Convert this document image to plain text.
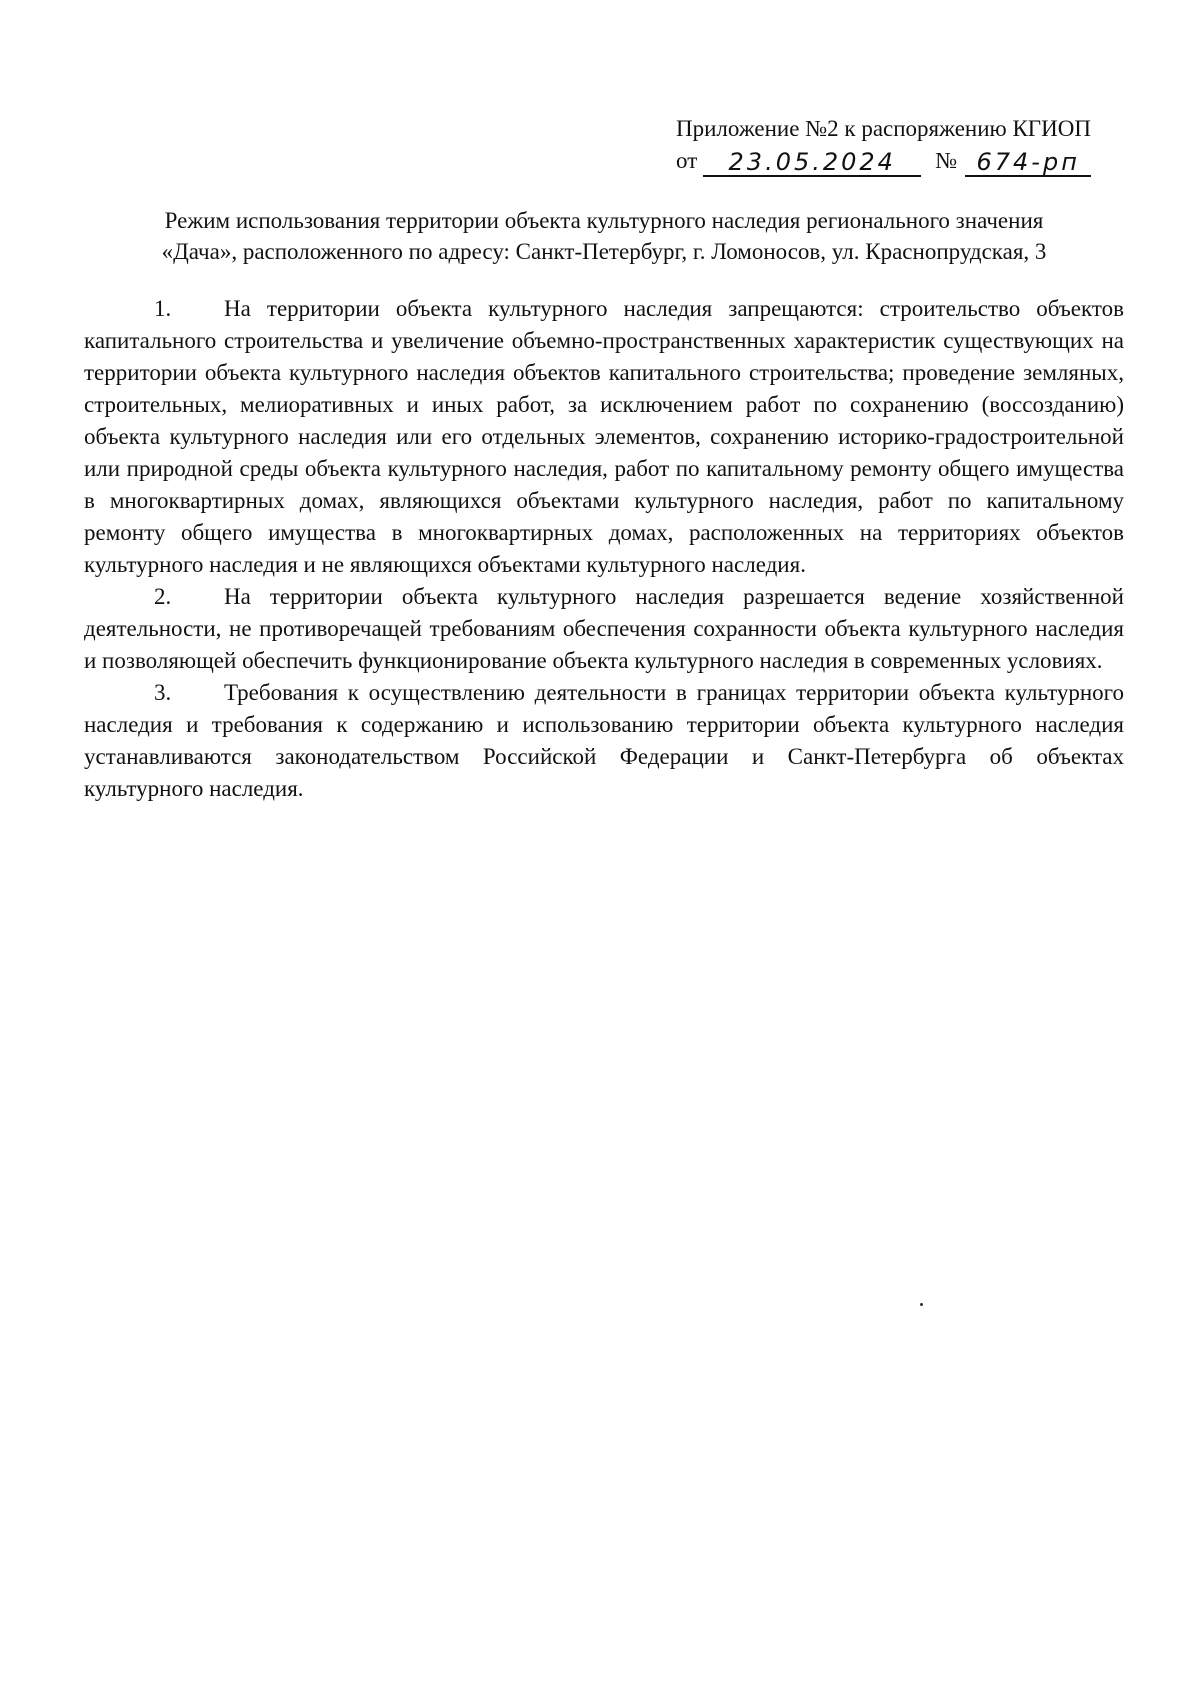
Приложение №2 к распоряжению КГИОП
от	23.05.2024	№ 674-рп
Режим использования территории объекта культурного наследия регионального значения
«Дача», расположенного по адресу: Санкт-Петербург, г. Ломоносов, ул. Краснопрудская, 3

1. На территории объекта культурного наследия запрещаются: строительство объектов капитального строительства и увеличение объемно-пространственных характеристик существующих на территории объекта культурного наследия объектов капитального строительства; проведение земляных, строительных, мелиоративных и иных работ, за исключением работ по сохранению (воссозданию) объекта культурного наследия или его отдельных элементов, сохранению историко-градостроительной или природной среды объекта культурного наследия, работ по капитальному ремонту общего имущества в многоквартирных домах, являющихся объектами культурного наследия, работ по капитальному ремонту общего имущества в многоквартирных домах, расположенных на территориях объектов культурного наследия и не являющихся объектами культурного наследия.

2. На территории объекта культурного наследия разрешается ведение хозяйственной деятельности, не противоречащей требованиям обеспечения сохранности объекта культурного наследия и позволяющей обеспечить функционирование объекта культурного наследия в современных условиях.

3. Требования к осуществлению деятельности в границах территории объекта культурного наследия и требования к содержанию и использованию территории объекта культурного наследия устанавливаются законодательством Российской Федерации и Санкт-Петербурга об объектах культурного наследия.
